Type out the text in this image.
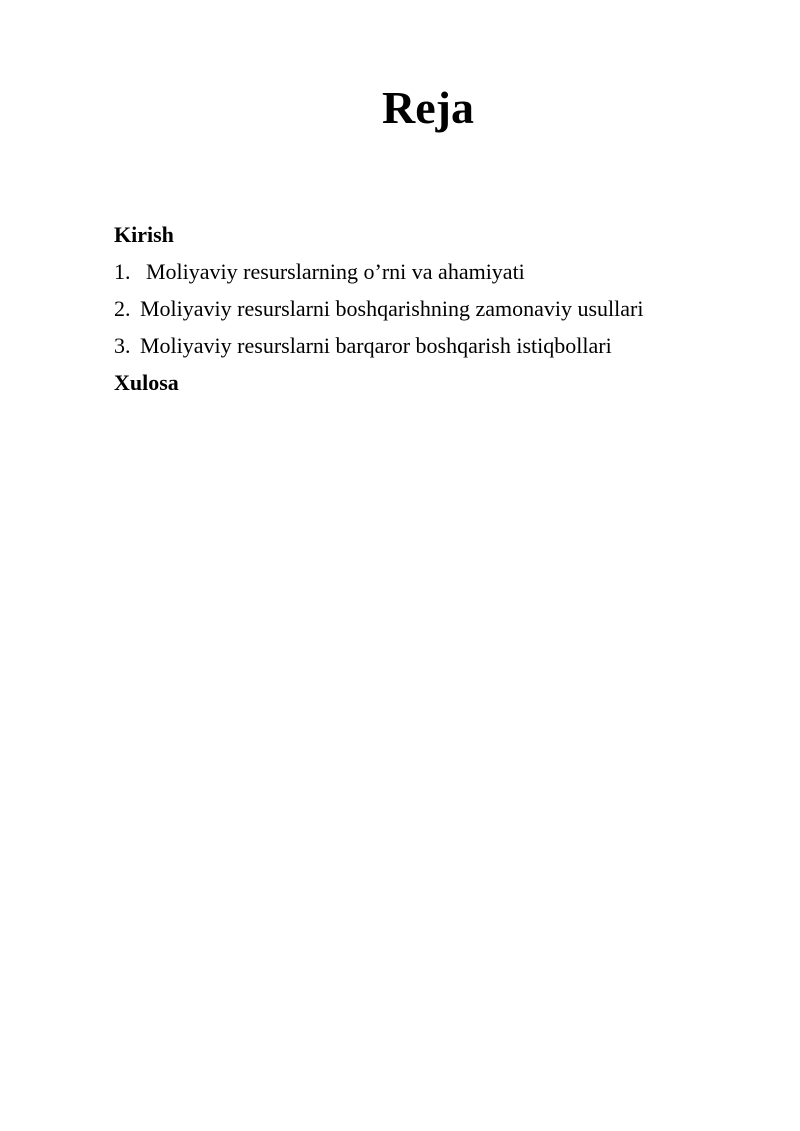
Reja
Kirish
1. Moliyaviy resurslarning o’rni va ahamiyati
2. Moliyaviy resurslarni boshqarishning zamonaviy usullari
3. Moliyaviy resurslarni barqaror boshqarish istiqbollari
Xulosa
